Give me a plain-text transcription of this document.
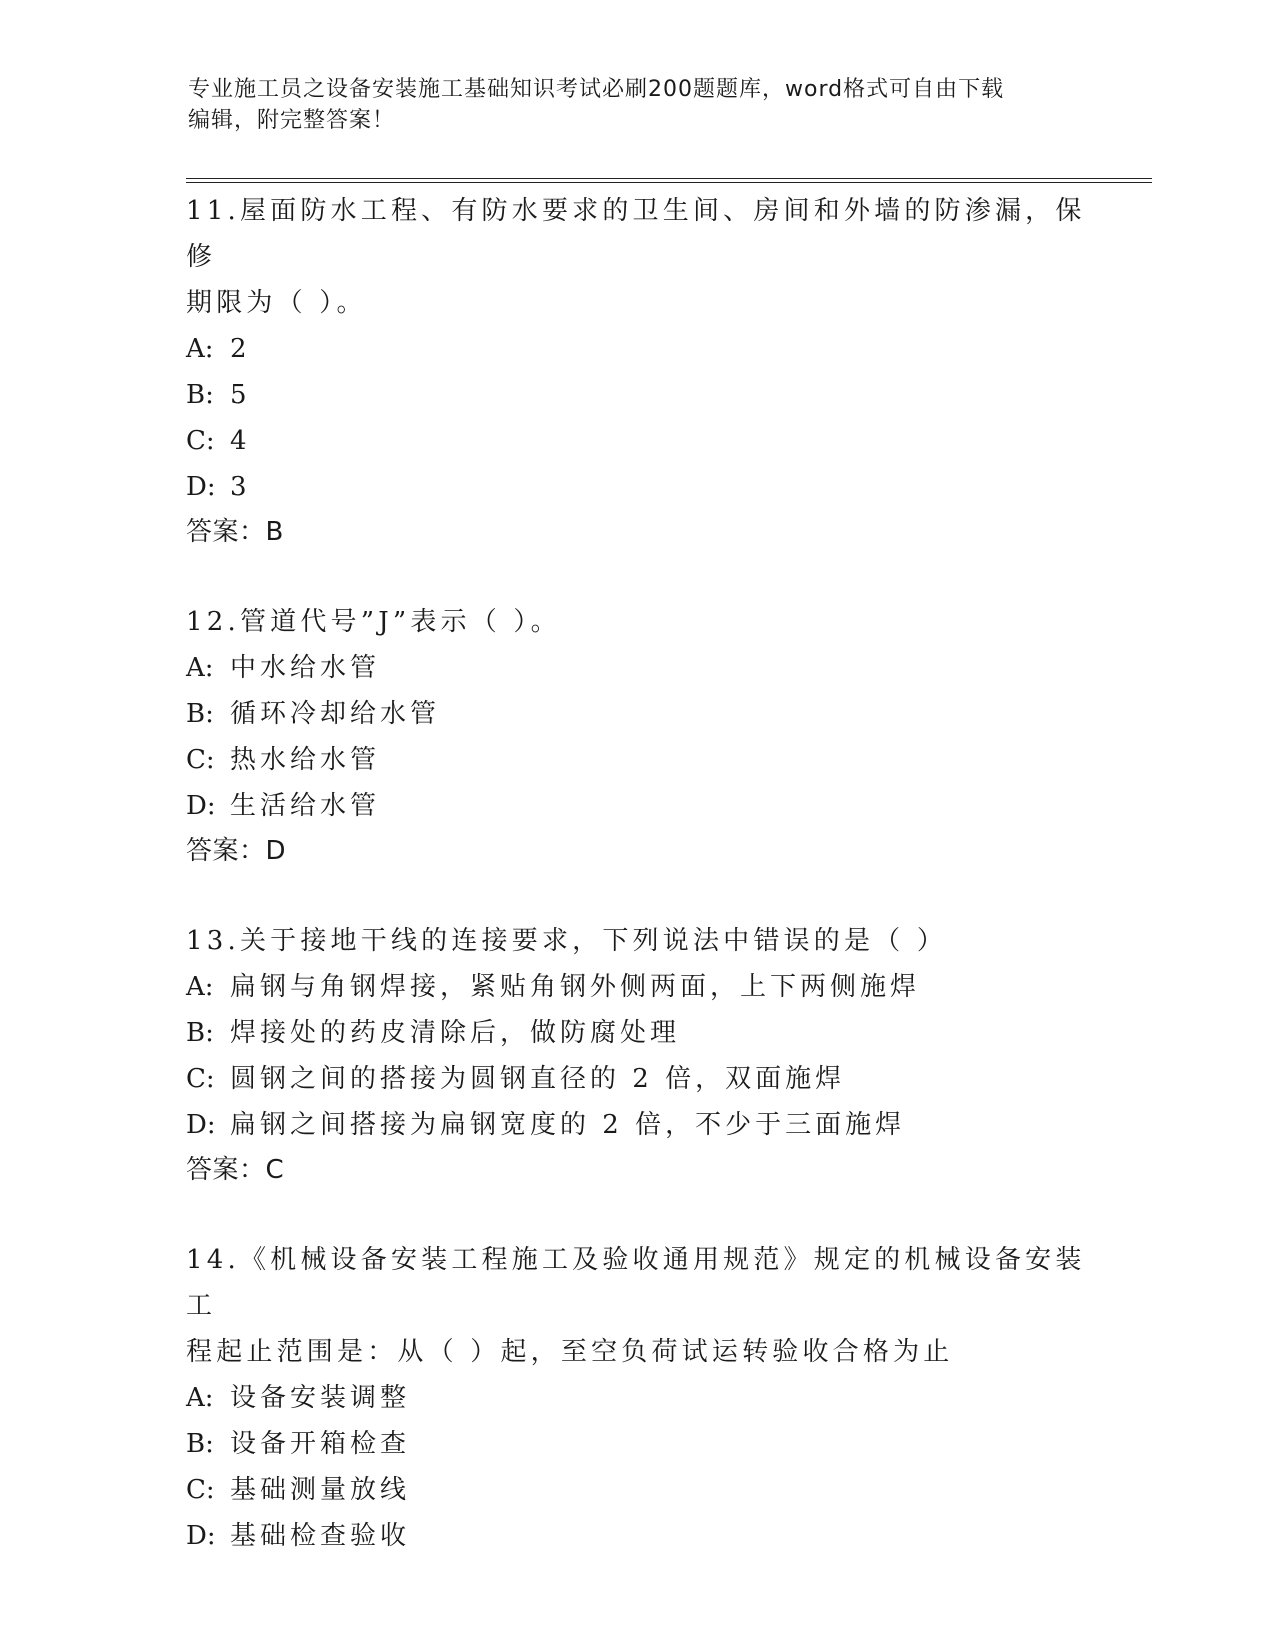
专业施工员之设备安装施工基础知识考试必刷200题题库，word格式可自由下载
编辑，附完整答案！
11.屋面防水工程、有防水要求的卫生间、房间和外墙的防渗漏，保修
期限为（ ）。
A: 2
B: 5
C: 4
D: 3
答案：B
12.管道代号”J”表示（ ）。
A: 中水给水管
B: 循环冷却给水管
C: 热水给水管
D: 生活给水管
答案：D
13.关于接地干线的连接要求，下列说法中错误的是（ ）
A: 扁钢与角钢焊接，紧贴角钢外侧两面，上下两侧施焊
B: 焊接处的药皮清除后，做防腐处理
C: 圆钢之间的搭接为圆钢直径的 2 倍，双面施焊
D: 扁钢之间搭接为扁钢宽度的 2 倍，不少于三面施焊
答案：C
14.《机械设备安装工程施工及验收通用规范》规定的机械设备安装工
程起止范围是：从（ ）起，至空负荷试运转验收合格为止
A: 设备安装调整
B: 设备开箱检查
C: 基础测量放线
D: 基础检查验收
